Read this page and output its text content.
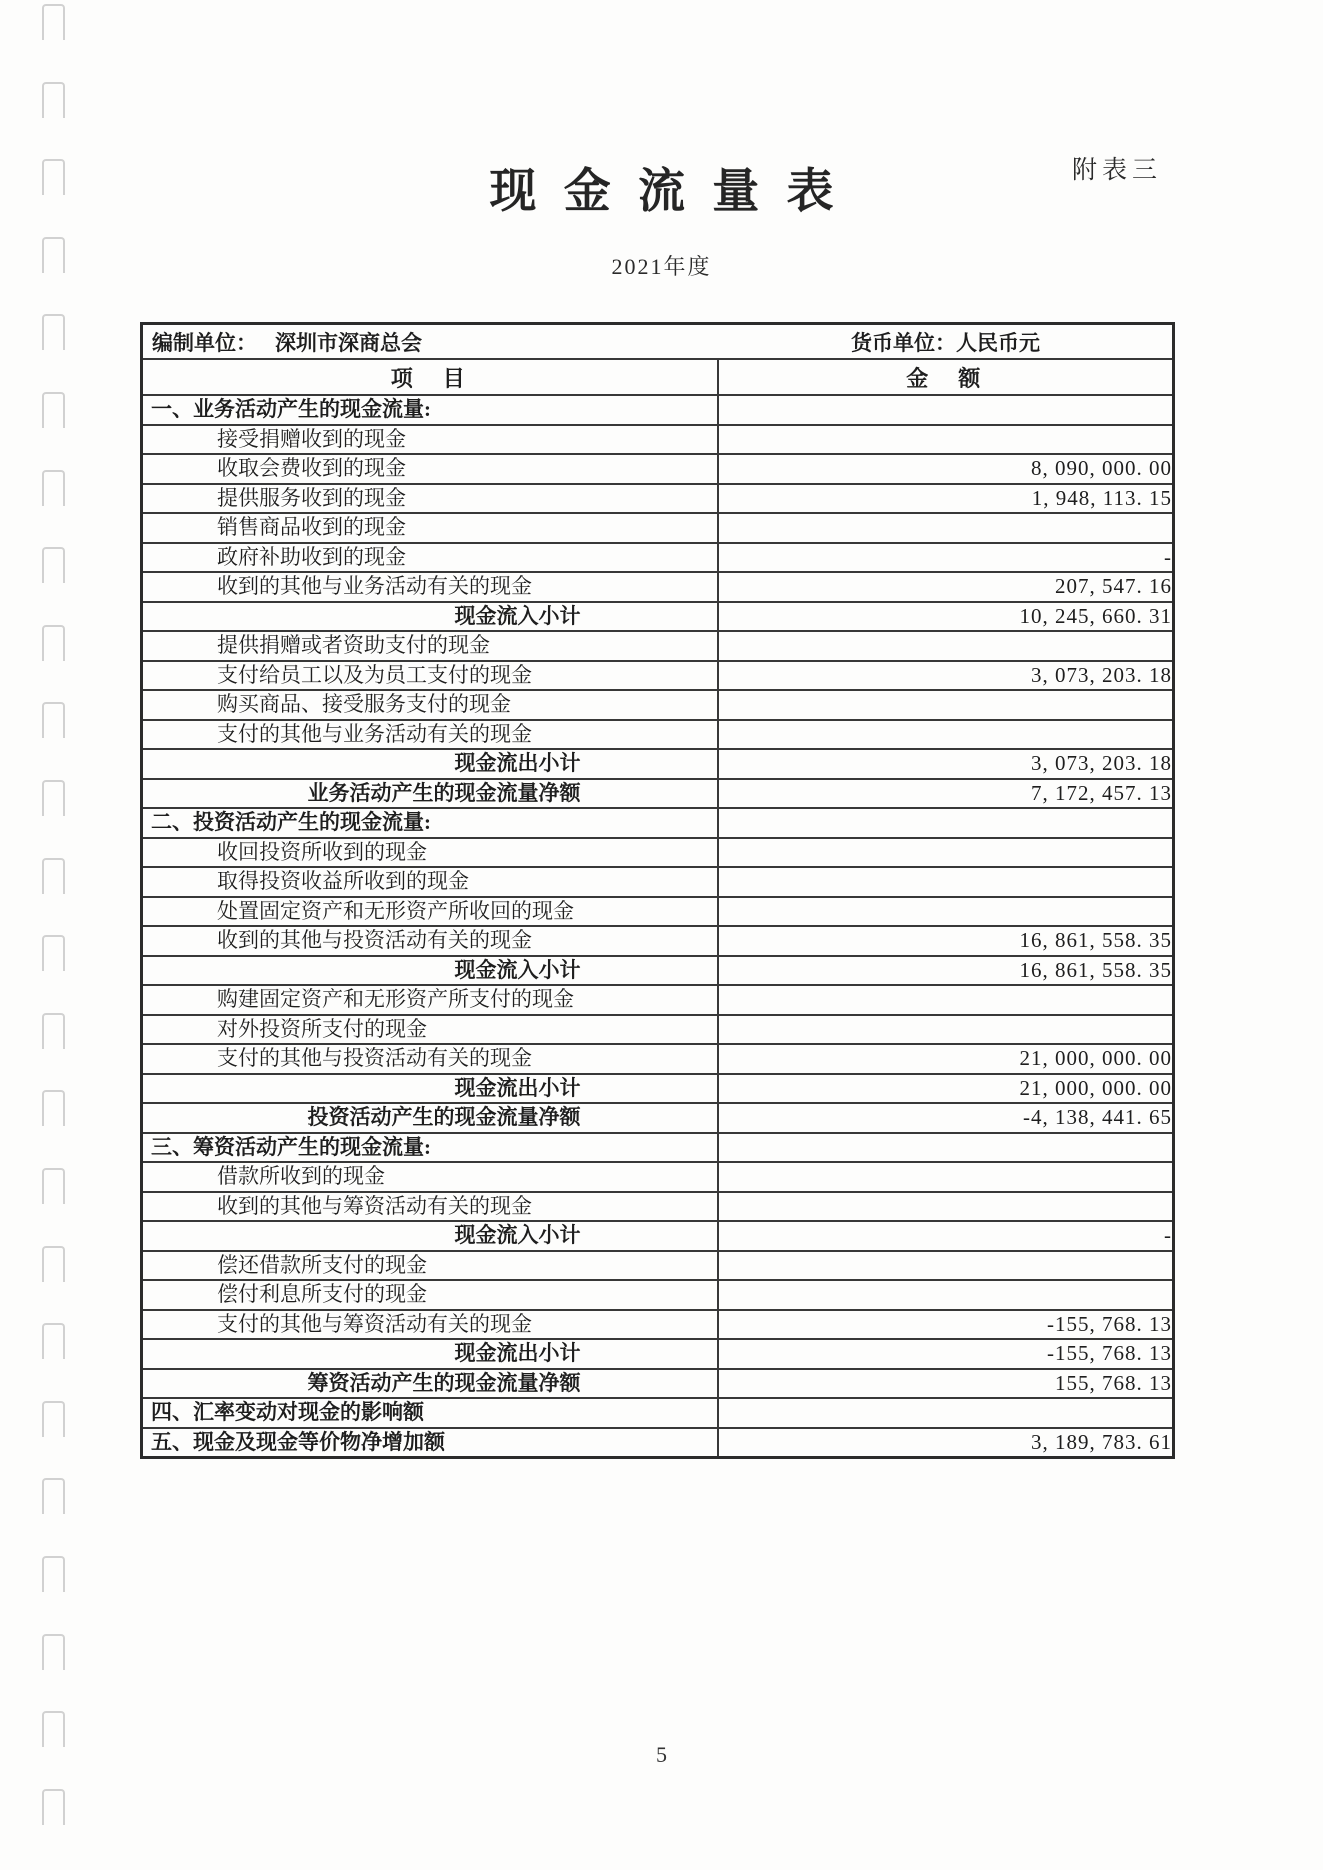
附表三
现金流量表
2021年度
编制单位： 深圳市深商总会 货币单位：人民币元	

项　目	金　额
一、业务活动产生的现金流量:	
接受捐赠收到的现金	
收取会费收到的现金	8, 090, 000. 00
提供服务收到的现金	1, 948, 113. 15
销售商品收到的现金	
政府补助收到的现金	-
收到的其他与业务活动有关的现金	207, 547. 16
现金流入小计	10, 245, 660. 31
提供捐赠或者资助支付的现金	
支付给员工以及为员工支付的现金	3, 073, 203. 18
购买商品、接受服务支付的现金	
支付的其他与业务活动有关的现金	
现金流出小计	3, 073, 203. 18
业务活动产生的现金流量净额	7, 172, 457. 13
二、投资活动产生的现金流量:	
收回投资所收到的现金	
取得投资收益所收到的现金	
处置固定资产和无形资产所收回的现金	
收到的其他与投资活动有关的现金	16, 861, 558. 35
现金流入小计	16, 861, 558. 35
购建固定资产和无形资产所支付的现金	
对外投资所支付的现金	
支付的其他与投资活动有关的现金	21, 000, 000. 00
现金流出小计	21, 000, 000. 00
投资活动产生的现金流量净额	-4, 138, 441. 65
三、筹资活动产生的现金流量:	
借款所收到的现金	
收到的其他与筹资活动有关的现金	
现金流入小计	-
偿还借款所支付的现金	
偿付利息所支付的现金	
支付的其他与筹资活动有关的现金	-155, 768. 13
现金流出小计	-155, 768. 13
筹资活动产生的现金流量净额	155, 768. 13
四、汇率变动对现金的影响额	
五、现金及现金等价物净增加额	3, 189, 783. 61
5
